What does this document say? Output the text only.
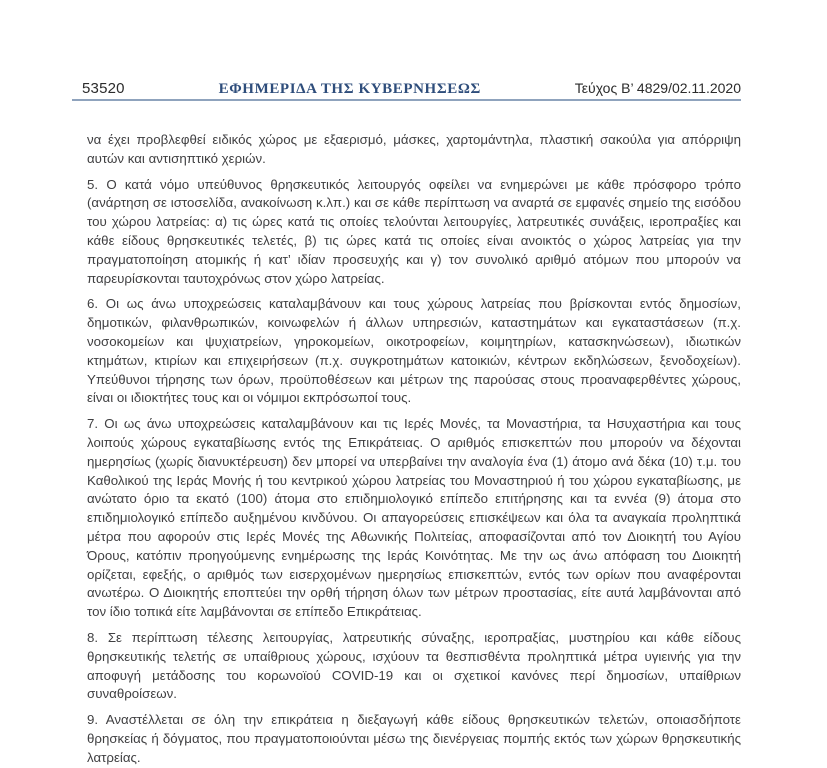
53520	ΕΦΗΜΕΡΙΔΑ ΤΗΣ ΚΥΒΕΡΝΗΣΕΩΣ	Τεύχος Β’ 4829/02.11.2020

να έχει προβλεφθεί ειδικός χώρος με εξαερισμό, μάσκες, χαρτομάντηλα, πλαστική σακούλα για απόρριψη αυτών και αντισηπτικό χεριών.

5. Ο κατά νόμο υπεύθυνος θρησκευτικός λειτουργός οφείλει να ενημερώνει με κάθε πρόσφορο τρόπο (ανάρτηση σε ιστοσελίδα, ανακοίνωση κ.λπ.) και σε κάθε περίπτωση να αναρτά σε εμφανές σημείο της εισόδου του χώρου λατρείας: α) τις ώρες κατά τις οποίες τελούνται λειτουργίες, λατρευτικές συνάξεις, ιεροπραξίες και κάθε είδους θρησκευτικές τελετές, β) τις ώρες κατά τις οποίες είναι ανοικτός ο χώρος λατρείας για την πραγματοποίηση ατομικής ή κατ’ ιδίαν προσευχής και γ) τον συνολικό αριθμό ατόμων που μπορούν να παρευρίσκονται ταυτοχρόνως στον χώρο λατρείας.

6. Οι ως άνω υποχρεώσεις καταλαμβάνουν και τους χώρους λατρείας που βρίσκονται εντός δημοσίων, δημοτικών, φιλανθρωπικών, κοινωφελών ή άλλων υπηρεσιών, καταστημάτων και εγκαταστάσεων (π.χ. νοσοκομείων και ψυχιατρείων, γηροκομείων, οικοτροφείων, κοιμητηρίων, κατασκηνώσεων), ιδιωτικών κτημάτων, κτιρίων και επιχειρήσεων (π.χ. συγκροτημάτων κατοικιών, κέντρων εκδηλώσεων, ξενοδοχείων). Υπεύθυνοι τήρησης των όρων, προϋποθέσεων και μέτρων της παρούσας στους προαναφερθέντες χώρους, είναι οι ιδιοκτήτες τους και οι νόμιμοι εκπρόσωποί τους.

7. Οι ως άνω υποχρεώσεις καταλαμβάνουν και τις Ιερές Μονές, τα Μοναστήρια, τα Ησυχαστήρια και τους λοιπούς χώρους εγκαταβίωσης εντός της Επικράτειας. Ο αριθμός επισκεπτών που μπορούν να δέχονται ημερησίως (χωρίς διανυκτέρευση) δεν μπορεί να υπερβαίνει την αναλογία ένα (1) άτομο ανά δέκα (10) τ.μ. του Καθολικού της Ιεράς Μονής ή του κεντρικού χώρου λατρείας του Μοναστηριού ή του χώρου εγκαταβίωσης, με ανώτατο όριο τα εκατό (100) άτομα στο επιδημιολογικό επίπεδο επιτήρησης και τα εννέα (9) άτομα στο επιδημιολογικό επίπεδο αυξημένου κινδύνου. Οι απαγορεύσεις επισκέψεων και όλα τα αναγκαία προληπτικά μέτρα που αφορούν στις Ιερές Μονές της Αθωνικής Πολιτείας, αποφασίζονται από τον Διοικητή του Αγίου Όρους, κατόπιν προηγούμενης ενημέρωσης της Ιεράς Κοινότητας. Με την ως άνω απόφαση του Διοικητή ορίζεται, εφεξής, ο αριθμός των εισερχομένων ημερησίως επισκεπτών, εντός των ορίων που αναφέρονται ανωτέρω. Ο Διοικητής εποπτεύει την ορθή τήρηση όλων των μέτρων προστασίας, είτε αυτά λαμβάνονται από τον ίδιο τοπικά είτε λαμβάνονται σε επίπεδο Επικράτειας.

8. Σε περίπτωση τέλεσης λειτουργίας, λατρευτικής σύναξης, ιεροπραξίας, μυστηρίου και κάθε είδους θρησκευτικής τελετής σε υπαίθριους χώρους, ισχύουν τα θεσπισθέντα προληπτικά μέτρα υγιεινής για την αποφυγή μετάδοσης του κορωνοϊού COVID-19 και οι σχετικοί κανόνες περί δημοσίων, υπαίθριων συναθροίσεων.

9. Αναστέλλεται σε όλη την επικράτεια η διεξαγωγή κάθε είδους θρησκευτικών τελετών, οποιασδήποτε θρησκείας ή δόγματος, που πραγματοποιούνται μέσω της διενέργειας πομπής εκτός των χώρων θρησκευτικής λατρείας.
